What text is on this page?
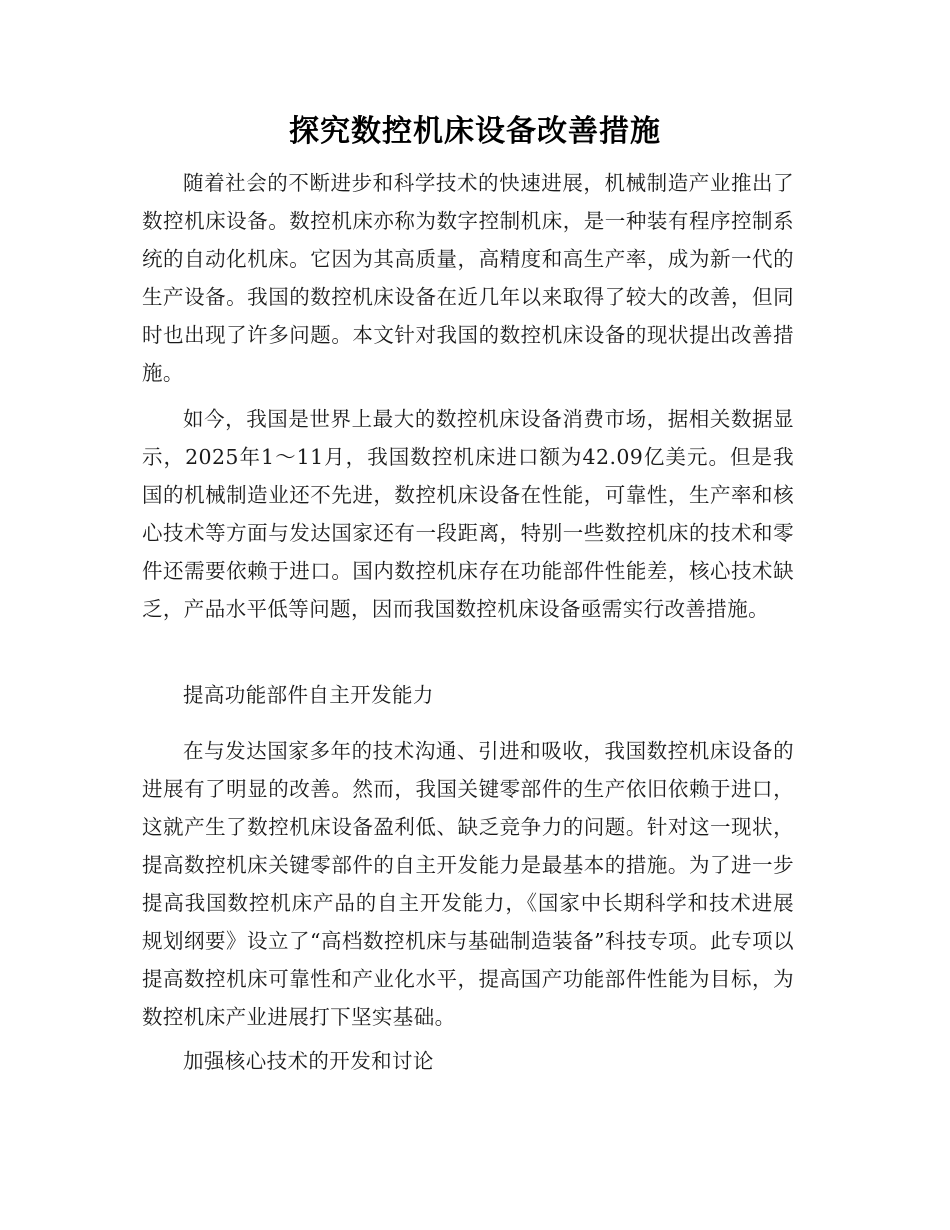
探究数控机床设备改善措施

随着社会的不断进步和科学技术的快速进展，机械制造产业推出了数控机床设备。数控机床亦称为数字控制机床，是一种装有程序控制系统的自动化机床。它因为其高质量，高精度和高生产率，成为新一代的生产设备。我国的数控机床设备在近几年以来取得了较大的改善，但同时也出现了许多问题。本文针对我国的数控机床设备的现状提出改善措施。

如今，我国是世界上最大的数控机床设备消费市场，据相关数据显示，2025年1～11月，我国数控机床进口额为42.09亿美元。但是我国的机械制造业还不先进，数控机床设备在性能，可靠性，生产率和核心技术等方面与发达国家还有一段距离，特别一些数控机床的技术和零件还需要依赖于进口。国内数控机床存在功能部件性能差，核心技术缺乏，产品水平低等问题，因而我国数控机床设备亟需实行改善措施。

提高功能部件自主开发能力

在与发达国家多年的技术沟通、引进和吸收，我国数控机床设备的进展有了明显的改善。然而，我国关键零部件的生产依旧依赖于进口，这就产生了数控机床设备盈利低、缺乏竞争力的问题。针对这一现状，提高数控机床关键零部件的自主开发能力是最基本的措施。为了进一步提高我国数控机床产品的自主开发能力，《国家中长期科学和技术进展规划纲要》设立了“高档数控机床与基础制造装备”科技专项。此专项以提高数控机床可靠性和产业化水平，提高国产功能部件性能为目标，为数控机床产业进展打下坚实基础。

加强核心技术的开发和讨论
